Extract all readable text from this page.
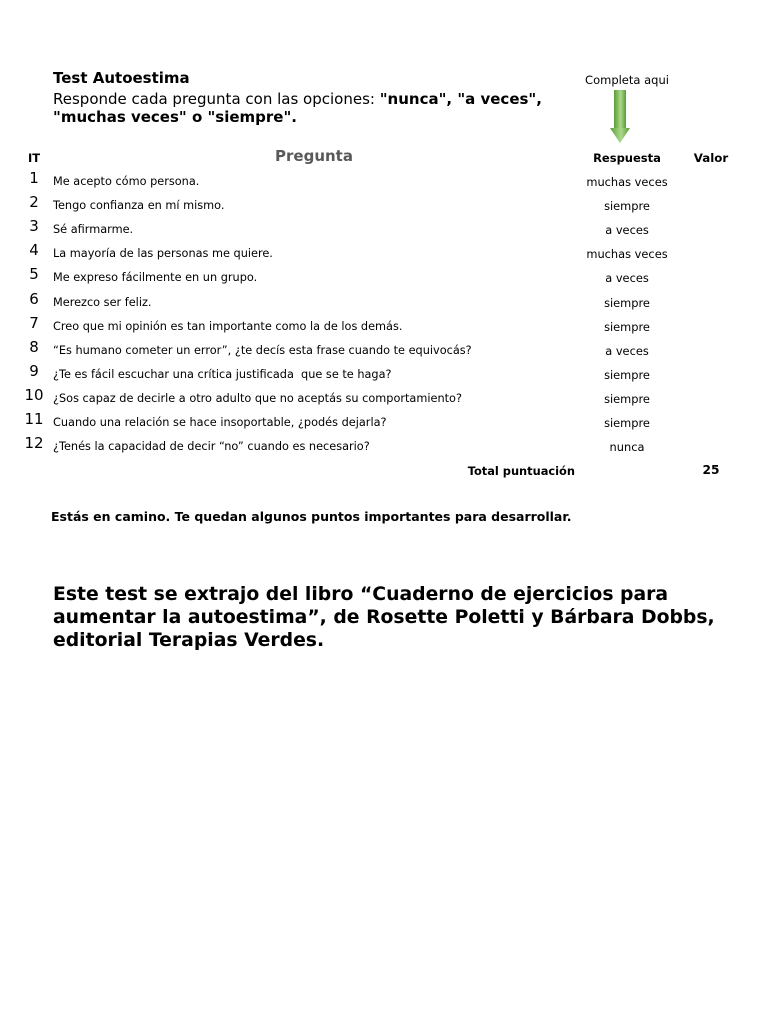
Test Autoestima
Responde cada pregunta con las opciones: "nunca", "a veces",
"muchas veces" o "siempre".
Completa aqui
IT	Pregunta	Respuesta	Valor
1	Me acepto cómo persona.	muchas veces
2	Tengo confianza en mí mismo.	siempre
3	Sé afirmarme.	a veces
4	La mayoría de las personas me quiere.	muchas veces
5	Me expreso fácilmente en un grupo.	a veces
6	Merezco ser feliz.	siempre
7	Creo que mi opinión es tan importante como la de los demás.	siempre
8	“Es humano cometer un error”, ¿te decís esta frase cuando te equivocás?	a veces
9	¿Te es fácil escuchar una crítica justificada  que se te haga?	siempre
10 ¿Sos capaz de decirle a otro adulto que no aceptás su comportamiento?	siempre
11 Cuando una relación se hace insoportable, ¿podés dejarla?	siempre
12 ¿Tenés la capacidad de decir “no” cuando es necesario?	nunca
Total puntuación	25
Estás en camino. Te quedan algunos puntos importantes para desarrollar.
Este test se extrajo del libro “Cuaderno de ejercicios para
aumentar la autoestima”, de Rosette Poletti y Bárbara Dobbs,
editorial Terapias Verdes.
